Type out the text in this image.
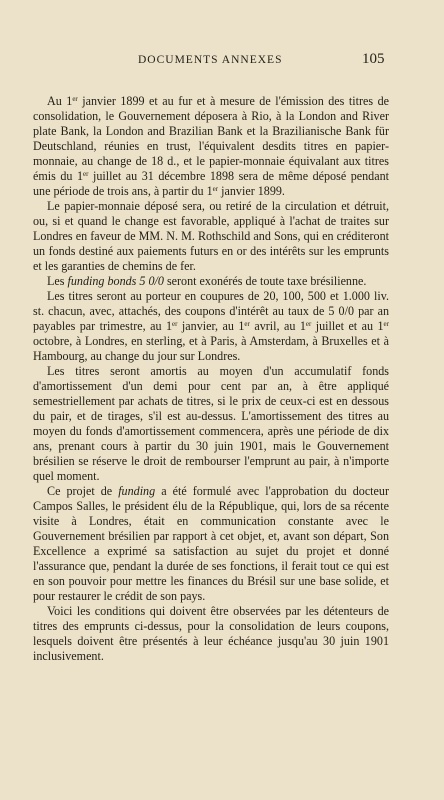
DOCUMENTS ANNEXES	105

Au 1er janvier 1899 et au fur et à mesure de l'émission des titres de consolidation, le Gouvernement déposera à Rio, à la London and River plate Bank, la London and Brazilian Bank et la Brazilianische Bank für Deutschland, réunies en trust, l'équivalent desdits titres en papier-monnaie, au change de 18 d., et le papier-monnaie équivalant aux titres émis du 1er juillet au 31 décembre 1898 sera de même déposé pendant une période de trois ans, à partir du 1er janvier 1899.

Le papier-monnaie déposé sera, ou retiré de la circulation et détruit, ou, si et quand le change est favorable, appliqué à l'achat de traites sur Londres en faveur de MM. N. M. Rothschild and Sons, qui en créditeront un fonds destiné aux paiements futurs en or des intérêts sur les emprunts et les garanties de chemins de fer.

Les funding bonds 5 0/0 seront exonérés de toute taxe brésilienne.

Les titres seront au porteur en coupures de 20, 100, 500 et 1.000 liv. st. chacun, avec, attachés, des coupons d'intérêt au taux de 5 0/0 par an payables par trimestre, au 1er janvier, au 1er avril, au 1er juillet et au 1er octobre, à Londres, en sterling, et à Paris, à Amsterdam, à Bruxelles et à Hambourg, au change du jour sur Londres.

Les titres seront amortis au moyen d'un accumulatif fonds d'amortissement d'un demi pour cent par an, à être appliqué semestriellement par achats de titres, si le prix de ceux-ci est en dessous du pair, et de tirages, s'il est au-dessus. L'amortissement des titres au moyen du fonds d'amortissement commencera, après une période de dix ans, prenant cours à partir du 30 juin 1901, mais le Gouvernement brésilien se réserve le droit de rembourser l'emprunt au pair, à n'importe quel moment.

Ce projet de funding a été formulé avec l'approbation du docteur Campos Salles, le président élu de la République, qui, lors de sa récente visite à Londres, était en communication constante avec le Gouvernement brésilien par rapport à cet objet, et, avant son départ, Son Excellence a exprimé sa satisfaction au sujet du projet et donné l'assurance que, pendant la durée de ses fonctions, il ferait tout ce qui est en son pouvoir pour mettre les finances du Brésil sur une base solide, et pour restaurer le crédit de son pays.

Voici les conditions qui doivent être observées par les détenteurs de titres des emprunts ci-dessus, pour la consolidation de leurs coupons, lesquels doivent être présentés à leur échéance jusqu'au 30 juin 1901 inclusivement.
